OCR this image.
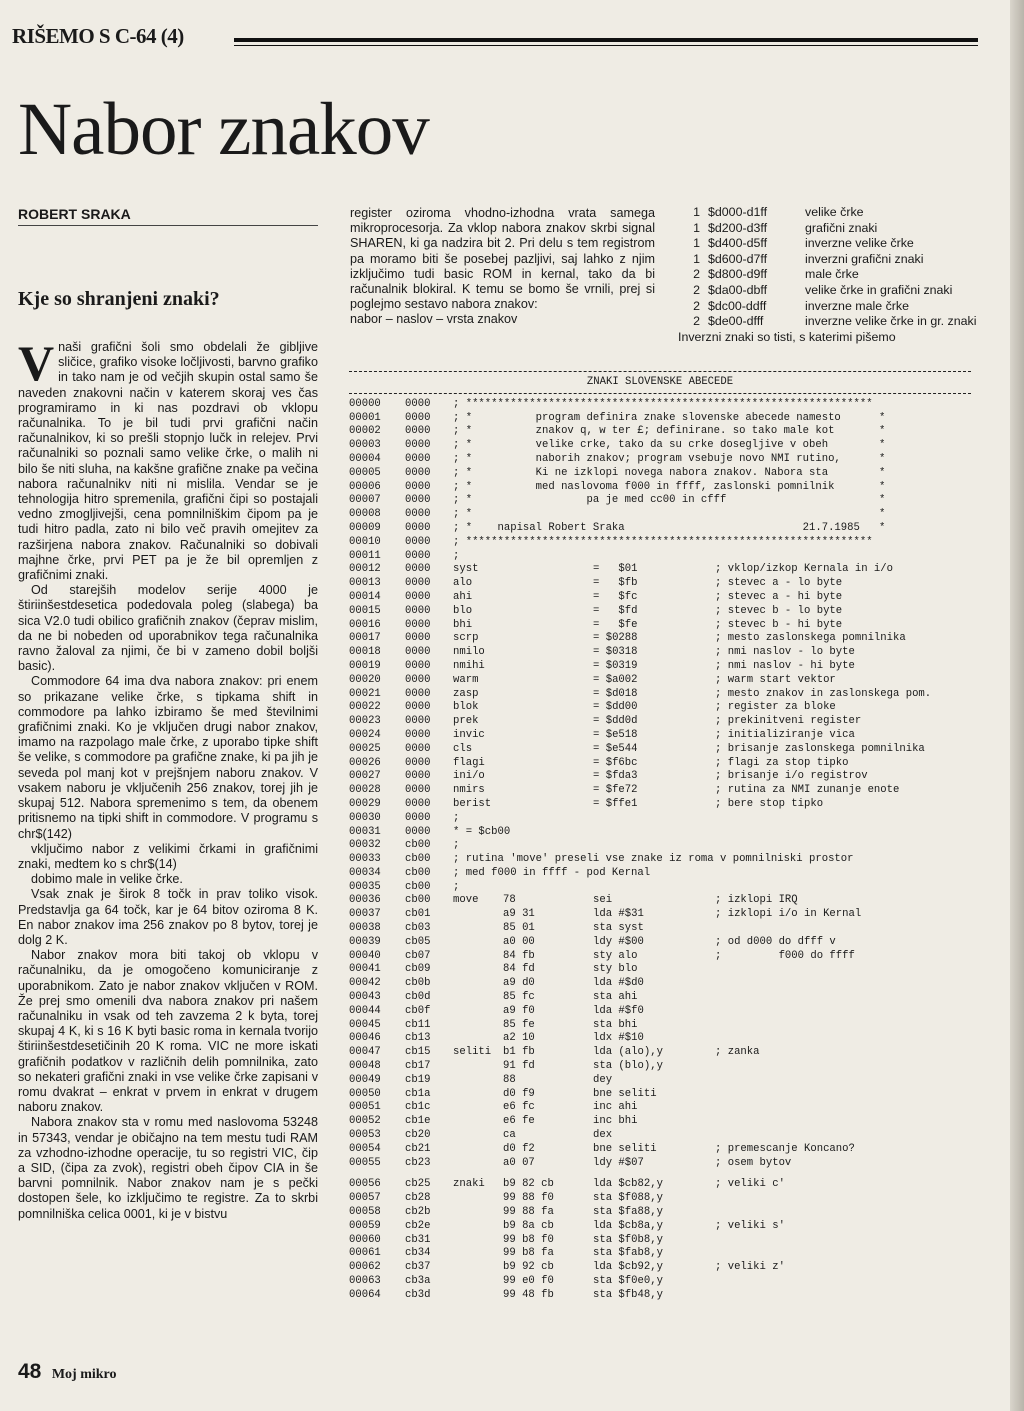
RIŠEMO S C-64 (4)
Nabor znakov
ROBERT SRAKA
Kje so shranjeni znaki?

Vnaši grafični šoli smo obdelali že gibljive sličice, grafiko visoke ločljivosti, barvno grafiko in tako nam je od večjih skupin ostal samo še naveden znakovni način v katerem skoraj ves čas programiramo in ki nas pozdravi ob vklopu računalnika. To je bil tudi prvi grafični način računalnikov, ki so prešli stopnjo lučk in relejev. Prvi računalniki so poznali samo velike črke, o malih ni bilo še niti sluha, na kakšne grafične znake pa večina nabora računalnikv niti ni mislila. Vendar se je tehnologija hitro spremenila, grafični čipi so postajali vedno zmogljivejši, cena pomnilniškim čipom pa je tudi hitro padla, zato ni bilo več pravih omejitev za razširjena nabora znakov. Računalniki so dobivali majhne črke, prvi PET pa je že bil opremljen z grafičnimi znaki.

Od starejših modelov serije 4000 je štiriinšestdesetica podedovala poleg (slabega) ba sica V2.0 tudi obilico grafičnih znakov (čeprav mislim, da ne bi nobeden od uporabnikov tega računalnika ravno žaloval za njimi, če bi v zameno dobil boljši basic).

Commodore 64 ima dva nabora znakov: pri enem so prikazane velike črke, s tipkama shift in commodore pa lahko izbiramo še med številnimi grafičnimi znaki. Ko je vključen drugi nabor znakov, imamo na razpolago male črke, z uporabo tipke shift še velike, s commodore pa grafične znake, ki pa jih je seveda pol manj kot v prejšnjem naboru znakov. V vsakem naboru je vključenih 256 znakov, torej jih je skupaj 512. Nabora spremenimo s tem, da obenem pritisnemo na tipki shift in commodore. V programu s chr$(142)

vključimo nabor z velikimi črkami in grafičnimi znaki, medtem ko s chr$(14)

dobimo male in velike črke.

Vsak znak je širok 8 točk in prav toliko visok. Predstavlja ga 64 točk, kar je 64 bitov oziroma 8 K. En nabor znakov ima 256 znakov po 8 bytov, torej je dolg 2 K.

Nabor znakov mora biti takoj ob vklopu v računalniku, da je omogočeno komuniciranje z uporabnikom. Zato je nabor znakov vključen v ROM. Že prej smo omenili dva nabora znakov pri našem računalniku in vsak od teh zavzema 2 k byta, torej skupaj 4 K, ki s 16 K byti basic roma in kernala tvorijo štiriinšestdesetičinih 20 K roma. VIC ne more iskati grafičnih podatkov v različnih delih pomnilnika, zato so nekateri grafični znaki in vse velike črke zapisani v romu dvakrat – enkrat v prvem in enkrat v drugem naboru znakov.

Nabora znakov sta v romu med naslovoma 53248 in 57343, vendar je običajno na tem mestu tudi RAM za vzhodno-izhodne operacije, tu so registri VIC, čip a SID, (čipa za zvok), registri obeh čipov CIA in še barvni pomnilnik. Nabor znakov nam je s pečki dostopen šele, ko izključimo te registre. Za to skrbi pomnilniška celica 0001, ki je v bistvu

register oziroma vhodno-izhodna vrata samega mikroprocesorja. Za vklop nabora znakov skrbi signal SHAREN, ki ga nadzira bit 2. Pri delu s tem registrom pa moramo biti še posebej pazljivi, saj lahko z njim izključimo tudi basic ROM in kernal, tako da bi računalnik blokiral. K temu se bomo še vrnili, prej si poglejmo sestavo nabora znakov:

nabor – naslov – vrsta znakov

1 $d000-d1ff	velike črke
1 $d200-d3ff	grafični znaki
1 $d400-d5ff	inverzne velike črke
1 $d600-d7ff	inverzni grafični znaki
2 $d800-d9ff	male črke
2 $da00-dbff	velike črke in grafični znaki
2 $dc00-ddff	inverzne male črke
2 $de00-dfff	inverzne velike črke in gr. znaki
Inverzni znaki so tisti, s katerimi pišemo
ZNAKI SLOVENSKE ABECEDE
00000	0000	; ****************************************************************
00001	0000	; *          program definira znake slovenske abecede namesto      *
00002	0000	; *          znakov q, w ter £; definirane. so tako male kot       *
00003	0000	; *          velike crke, tako da su crke dosegljive v obeh        *
00004	0000	; *          naborih znakov; program vsebuje novo NMI rutino,      *
00005	0000	; *          Ki ne izklopi novega nabora znakov. Nabora sta        *
00006	0000	; *          med naslovoma f000 in ffff, zaslonski pomnilnik       *
00007	0000	; *                  pa je med cc00 in cfff                        *
00008	0000	; *                                                                *
00009	0000	; *    napisal Robert Sraka                            21.7.1985   *
00010	0000	; ****************************************************************
00011	0000	;
00012	0000	syst	=   $01	; vklop/izkop Kernala in i/o
00013	0000	alo	=   $fb	; stevec a - lo byte
00014	0000	ahi	=   $fc	; stevec a - hi byte
00015	0000	blo	=   $fd	; stevec b - lo byte
00016	0000	bhi	=   $fe	; stevec b - hi byte
00017	0000	scrp	= $0288	; mesto zaslonskega pomnilnika
00018	0000	nmilo	= $0318	; nmi naslov - lo byte
00019	0000	nmihi	= $0319	; nmi naslov - hi byte
00020	0000	warm	= $a002	; warm start vektor
00021	0000	zasp	= $d018	; mesto znakov in zaslonskega pom.
00022	0000	blok	= $dd00	; register za bloke
00023	0000	prek	= $dd0d	; prekinitveni register
00024	0000	invic	= $e518	; initializiranje vica
00025	0000	cls	= $e544	; brisanje zaslonskega pomnilnika
00026	0000	flagi	= $f6bc	; flagi za stop tipko
00027	0000	ini/o	= $fda3	; brisanje i/o registrov
00028	0000	nmirs	= $fe72	; rutina za NMI zunanje enote
00029	0000	berist	= $ffe1	; bere stop tipko
00030	0000	;
00031	0000	* = $cb00
00032	cb00	;
00033	cb00	; rutina 'move' preseli vse znake iz roma v pomnilniski prostor
00034	cb00	; med f000 in ffff - pod Kernal
00035	cb00	;
00036	cb00	move	78	sei	; izklopi IRQ
00037	cb01	a9 31	lda #$31	; izklopi i/o in Kernal
00038	cb03	85 01	sta syst
00039	cb05	a0 00	ldy #$00	; od d000 do dfff v
00040	cb07	84 fb	sty alo	;         f000 do ffff
00041	cb09	84 fd	sty blo
00042	cb0b	a9 d0	lda #$d0
00043	cb0d	85 fc	sta ahi
00044	cb0f	a9 f0	lda #$f0
00045	cb11	85 fe	sta bhi
00046	cb13	a2 10	ldx #$10
00047	cb15	seliti	b1 fb	lda (alo),y	; zanka
00048	cb17	91 fd	sta (blo),y
00049	cb19	88	dey
00050	cb1a	d0 f9	bne seliti
00051	cb1c	e6 fc	inc ahi
00052	cb1e	e6 fe	inc bhi
00053	cb20	ca	dex
00054	cb21	d0 f2	bne seliti	; premescanje Koncano?
00055	cb23	a0 07	ldy #$07	; osem bytov
00056	cb25	znaki	b9 82 cb	lda $cb82,y	; veliki c'
00057	cb28	99 88 f0	sta $f088,y
00058	cb2b	99 88 fa	sta $fa88,y
00059	cb2e	b9 8a cb	lda $cb8a,y	; veliki s'
00060	cb31	99 b8 f0	sta $f0b8,y
00061	cb34	99 b8 fa	sta $fab8,y
00062	cb37	b9 92 cb	lda $cb92,y	; veliki z'
00063	cb3a	99 e0 f0	sta $f0e0,y
00064	cb3d	99 48 fb	sta $fb48,y
48 Moj mikro
